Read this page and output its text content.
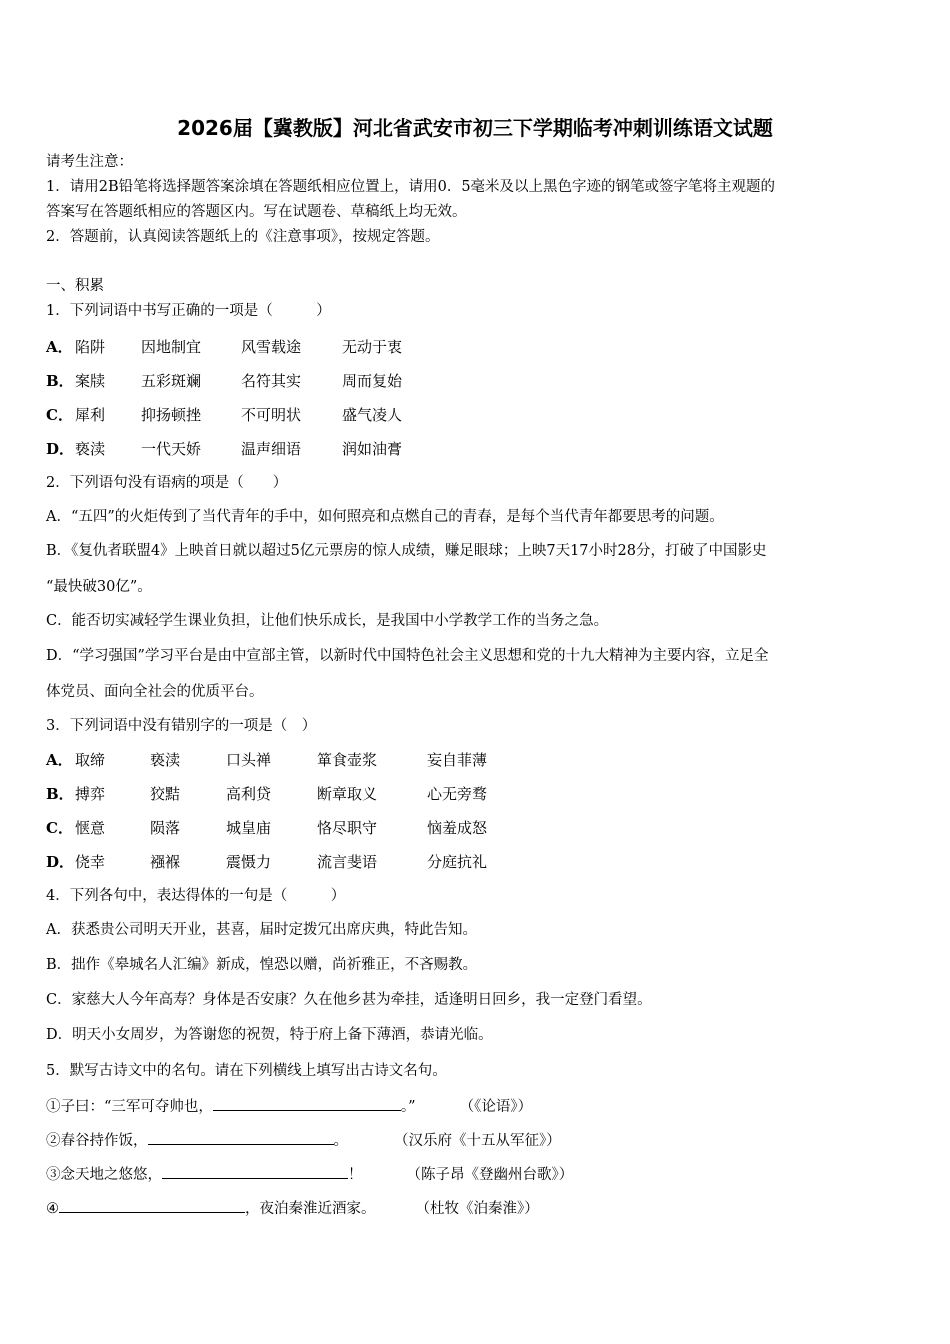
2026届【冀教版】河北省武安市初三下学期临考冲刺训练语文试题
请考生注意：
1．请用2B铅笔将选择题答案涂填在答题纸相应位置上，请用0．5毫米及以上黑色字迹的钢笔或签字笔将主观题的
答案写在答题纸相应的答题区内。写在试题卷、草稿纸上均无效。
2．答题前，认真阅读答题纸上的《注意事项》，按规定答题。
一、积累
1．下列词语中书写正确的一项是（　　　）
A． 陷阱 因地制宜	风雪载途	无动于衷
B． 案牍 五彩斑斓	名符其实	周而复始
C． 犀利 抑扬顿挫	不可明状	盛气凌人
D． 亵渎 一代天娇	温声细语	润如油膏
2．下列语句没有语病的项是（　　）
A．“五四”的火炬传到了当代青年的手中，如何照亮和点燃自己的青春，是每个当代青年都要思考的问题。
B．《复仇者联盟4》上映首日就以超过5亿元票房的惊人成绩，赚足眼球；上映7天17小时28分，打破了中国影史
“最快破30亿”。
C．能否切实减轻学生课业负担，让他们快乐成长，是我国中小学教学工作的当务之急。
D．“学习强国”学习平台是由中宣部主管，以新时代中国特色社会主义思想和党的十九大精神为主要内容，立足全
体党员、面向全社会的优质平台。
3．下列词语中没有错别字的一项是（　）
A． 取缔	亵渎	口头禅	箪食壶浆	妄自菲薄
B． 搏弈	狡黠	高利贷	断章取义	心无旁骛
C． 惬意	陨落	城皇庙	恪尽职守	恼羞成怒
D． 侥幸	襁褓	震慑力	流言斐语	分庭抗礼
4．下列各句中，表达得体的一句是（　　　）
A．获悉贵公司明天开业，甚喜，届时定拨冗出席庆典，特此告知。
B．拙作《皋城名人汇编》新成，惶恐以赠，尚祈雅正，不吝赐教。
C．家慈大人今年高寿？身体是否安康？久在他乡甚为牵挂，适逢明日回乡，我一定登门看望。
D．明天小女周岁，为答谢您的祝贺，特于府上备下薄酒，恭请光临。
5．默写古诗文中的名句。请在下列横线上填写出古诗文名句。
①子曰：“三军可夺帅也，	。”	（《论语》）
②春谷持作饭，	。	（汉乐府《十五从军征》）
③念天地之悠悠，	！	（陈子昂《登幽州台歌》）
④	，夜泊秦淮近酒家。	（杜牧《泊秦淮》）
